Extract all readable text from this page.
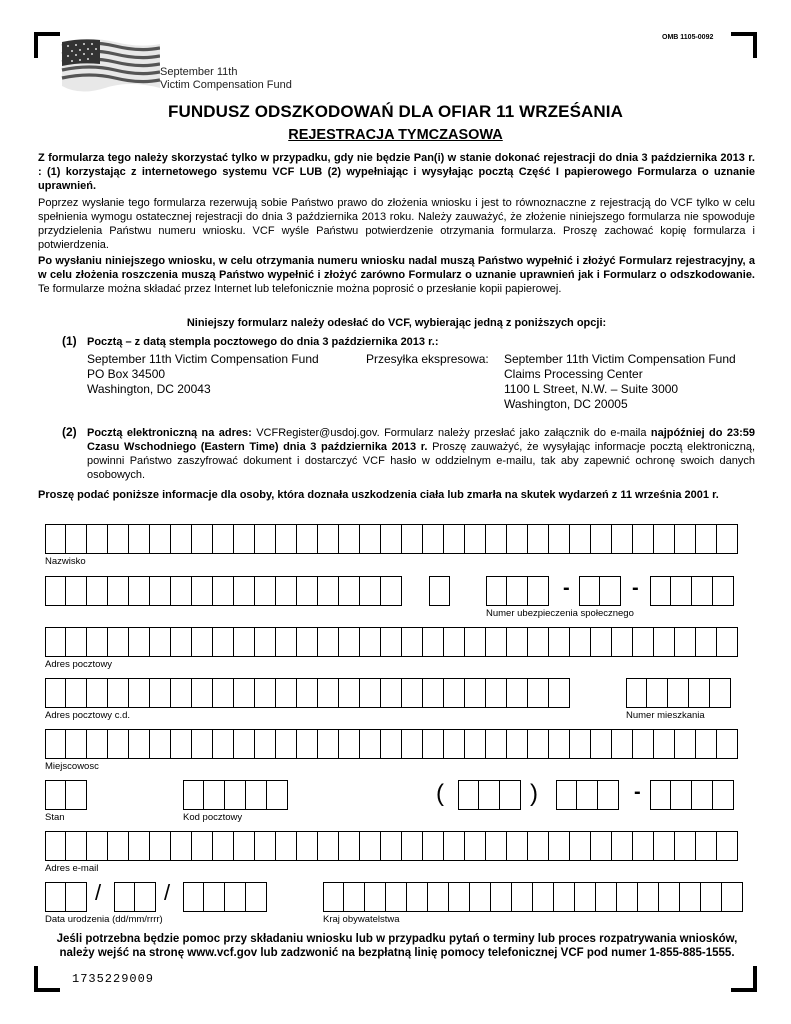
OMB 1105-0092
September 11th
Victim Compensation Fund
FUNDUSZ ODSZKODOWAŃ DLA OFIAR 11 WRZEŚANIA
REJESTRACJA TYMCZASOWA
Z formularza tego należy skorzystać tylko w przypadku, gdy nie będzie Pan(i) w stanie dokonać rejestracji do dnia 3 października 2013 r. : (1) korzystając z internetowego systemu VCF LUB (2) wypełniając i wysyłając pocztą Część I papierowego Formularza o uznanie uprawnień.
Poprzez wysłanie tego formularza rezerwują sobie Państwo prawo do złożenia wniosku i jest to równoznaczne z rejestracją do VCF tylko w celu spełnienia wymogu ostatecznej rejestracji do dnia 3 października 2013 roku. Należy zauważyć, że złożenie niniejszego formularza nie spowoduje przydzielenia Państwu numeru wniosku. VCF wyśle Państwu potwierdzenie otrzymania formularza. Proszę zachować kopię formularza i potwierdzenia.
Po wysłaniu niniejszego wniosku, w celu otrzymania numeru wniosku nadal muszą Państwo wypełnić i złożyć Formularz rejestracyjny, a w celu złożenia roszczenia muszą Państwo wypełnić i złożyć zarówno Formularz o uznanie uprawnień jak i Formularz o odszkodowanie. Te formularze można składać przez Internet lub telefonicznie można poprosić o przesłanie kopii papierowej.
Niniejszy formularz należy odesłać do VCF, wybierając jedną z poniższych opcji:
(1) Pocztą – z datą stempla pocztowego do dnia 3 października 2013 r.:
September 11th Victim Compensation Fund
PO Box 34500
Washington, DC 20043
Przesyłka ekspresowa: September 11th Victim Compensation Fund
Claims Processing Center
1100 L Street, N.W. – Suite 3000
Washington, DC 20005
(2) Pocztą elektroniczną na adres: VCFRegister@usdoj.gov. Formularz należy przesłać jako załącznik do e-maila najpóźniej do 23:59 Czasu Wschodniego (Eastern Time) dnia 3 października 2013 r. Proszę zauważyć, że wysyłając informacje pocztą elektroniczną, powinni Państwo zaszyfrować dokument i dostarczyć VCF hasło w oddzielnym e-mailu, tak aby zapewnić ochronę swoich danych osobowych.
Proszę podać poniższe informacje dla osoby, która doznała uszkodzenia ciała lub zmarła na skutek wydarzeń z 11 września 2001 r.
Nazwisko
-	-
Numer ubezpieczenia społecznego
Adres pocztowy
Adres pocztowy c.d.	Numer mieszkania
Miejscowosc
(	)	-
Stan	Kod pocztowy
Adres e-mail
/	/
Data urodzenia (dd/mm/rrrr)	Kraj obywatelstwa
Jeśli potrzebna będzie pomoc przy składaniu wniosku lub w przypadku pytań o terminy lub proces rozpatrywania wniosków, należy wejść na stronę www.vcf.gov lub zadzwonić na bezpłatną linię pomocy telefonicznej VCF pod numer 1-855-885-1555.
1735229009
